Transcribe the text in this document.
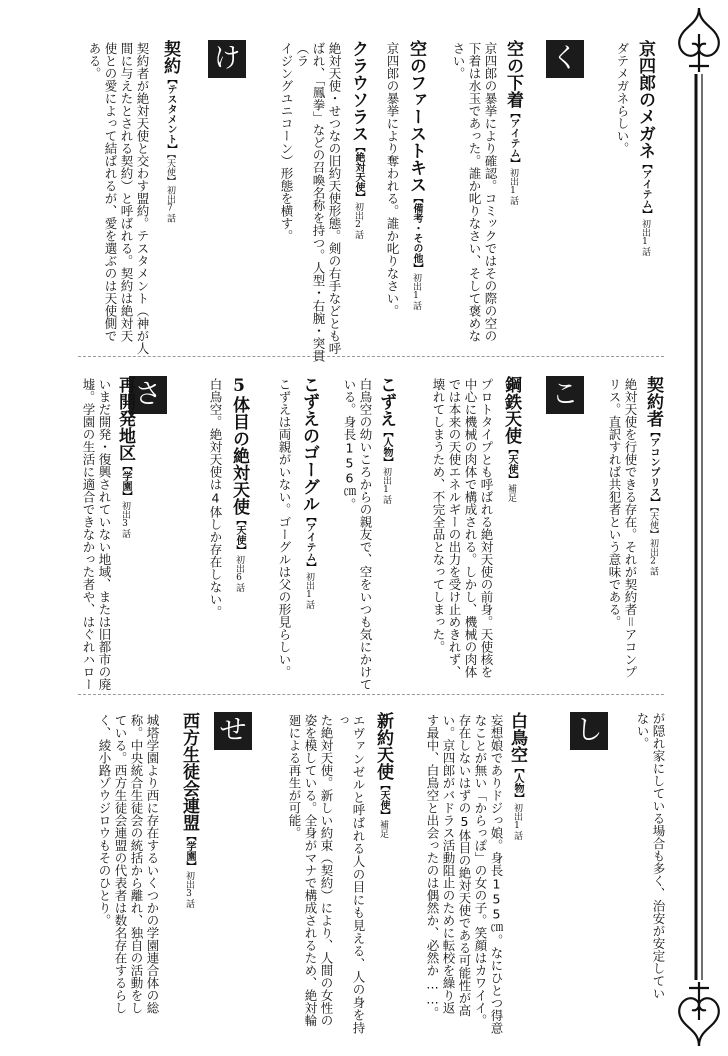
く
け
こ
さ
し
せ
京四郎のメガネ【アイテム】初出1話
ダテメガネらしい。
空の下着【アイテム】初出1話
京四郎の暴挙により確認。コミックではその際の空の
下着は水玉であった。誰か叱りなさい、そして褒めな
さい。
空のファーストキス【備考・その他】初出1話
京四郎の暴挙により奪われる。誰か叱りなさい。
クラウソラス【絶対天使】初出2話
絶対天使・せつなの旧約天使形態。剣の右手などとも呼
ばれ、「鳳拳」などの召喚名称を持つ。人型・右腕・突貫（ラ
イジングユニコーン）形態を横す。
契約【テスタメント】【天使】初出7話
契約者が絶対天使と交わす盟約。テスタメント（神が人
間に与えたとされる契約）と呼ばれる。契約は絶対天
使との愛によって結ばれるが、愛を選ぶのは天使側で
ある。
契約者【アコンプリス】【天使】初出2話
絶対天使を行使できる存在。それが契約者＝アコンプ
リス。直訳すれば共犯者という意味である。
鋼鉄天使【天使】補足
プロトタイプとも呼ばれる絶対天使の前身。天使核を
中心に機械の肉体で構成される。しかし、機械の肉体
では本来の天使エネルギーの出力を受け止めきれず、
壊れてしまうため、不完全品となってしまった。
こずえ【人物】初出1話
白鳥空の幼いころからの親友で、空をいつも気にかけて
いる。身長156㎝。
こずえのゴーグル【アイテム】初出1話
こずえは両親がいない。ゴーグルは父の形見らしい。
5体目の絶対天使【天使】初出6話
白鳥空。絶対天使は4体しか存在しない。
再開発地区【学園】初出3話
いまだ開発・復興されていない地域、または旧都市の廃
墟。学園の生活に適合できなかった者や、はぐれハロー
が隠れ家にしている場合も多く、治安が安定してい
ない。
白鳥空【人物】初出1話
妄想娘でありドジっ娘。身長155㎝。なにひとつ得意
なことが無い「からっぽ」の女の子。笑顔はカワイイ。
存在しないはずの5体目の絶対天使である可能性が高
い。京四郎がバドラス活動阻止のために転校を繰り返
す最中、白鳥空と出会ったのは偶然か、必然か……。
新約天使【天使】補足
エヴァンゼルと呼ばれる人の目にも見える、人の身を持っ
た絶対天使。新しい約束（契約）により、人間の女性の
姿を模している。全身がマナで構成されるため、絶対輪
廻による再生が可能。
西方生徒会連盟【学園】初出3話
城塔学園より西に存在するいくつかの学園連合体の総
称。中央統合生徒会の統括から離れ、独自の活動をし
ている。西方生徒会連盟の代表者は数名存在するらし
く、綾小路ゾウジロウもそのひとり。
